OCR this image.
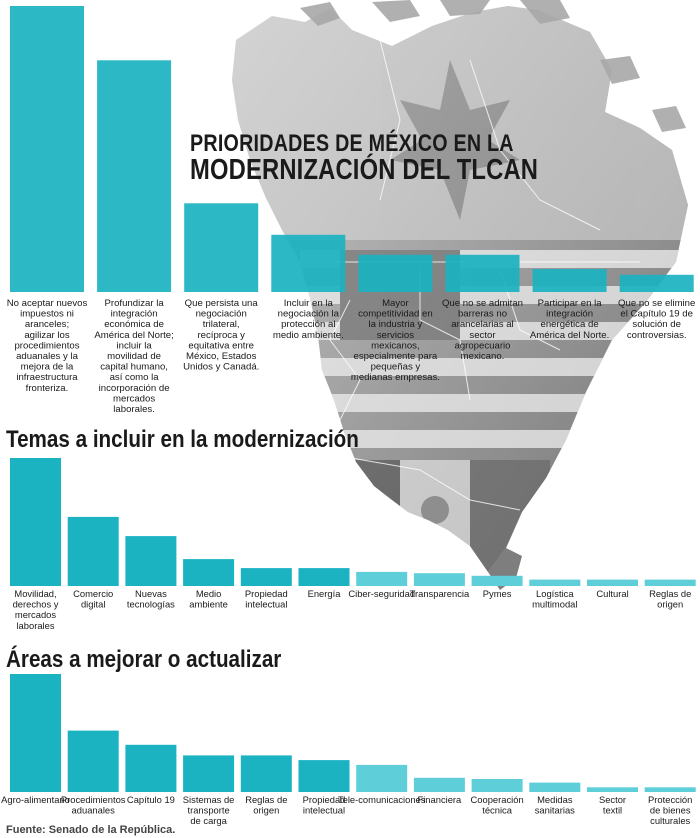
No aceptar nuevos impuestos ni aranceles; agilizar los procedimientos aduanales y la mejora de la infraestructura fronteriza.
Profundizar la integración económica de América del Norte; incluir la movilidad de capital humano, así como la incorporación de mercados laborales.
Que persista una negociación trilateral, recíproca y equitativa entre México, Estados Unidos y Canadá.
Incluir en la negociación la protección al medio ambiente.
Mayor competitividad en la industria y servicios mexicanos, especialmente para pequeñas y medianas empresas.
Que no se admitan barreras no arancelarias al sector agropecuario mexicano.
Participar en la integración energética de América del Norte.
Que no se elimine el Capítulo 19 de solución de controversias.
Movilidad, derechos y mercados laborales
Comercio digital
Nuevas tecnologías
Medio ambiente
Propiedad intelectual
Energía Ciber-seguridad
Transparencia Pymes	Logística multimodal
Cultural Reglas de origen
Agro-alimentario
Procedimientos aduanales
Capítulo 19 Sistemas de transporte de carga
Reglas de origen
Propiedad intelectual
Tele-comunicaciones
Financiera Cooperación técnica
Medidas sanitarias
Sector textil
Protección de bienes culturales
PRIORIDADES DE MÉXICO EN LA
MODERNIZACIÓN DEL TLCAN
Temas a incluir en la modernización
Áreas a mejorar o actualizar

Fuente: Senado de la República.
